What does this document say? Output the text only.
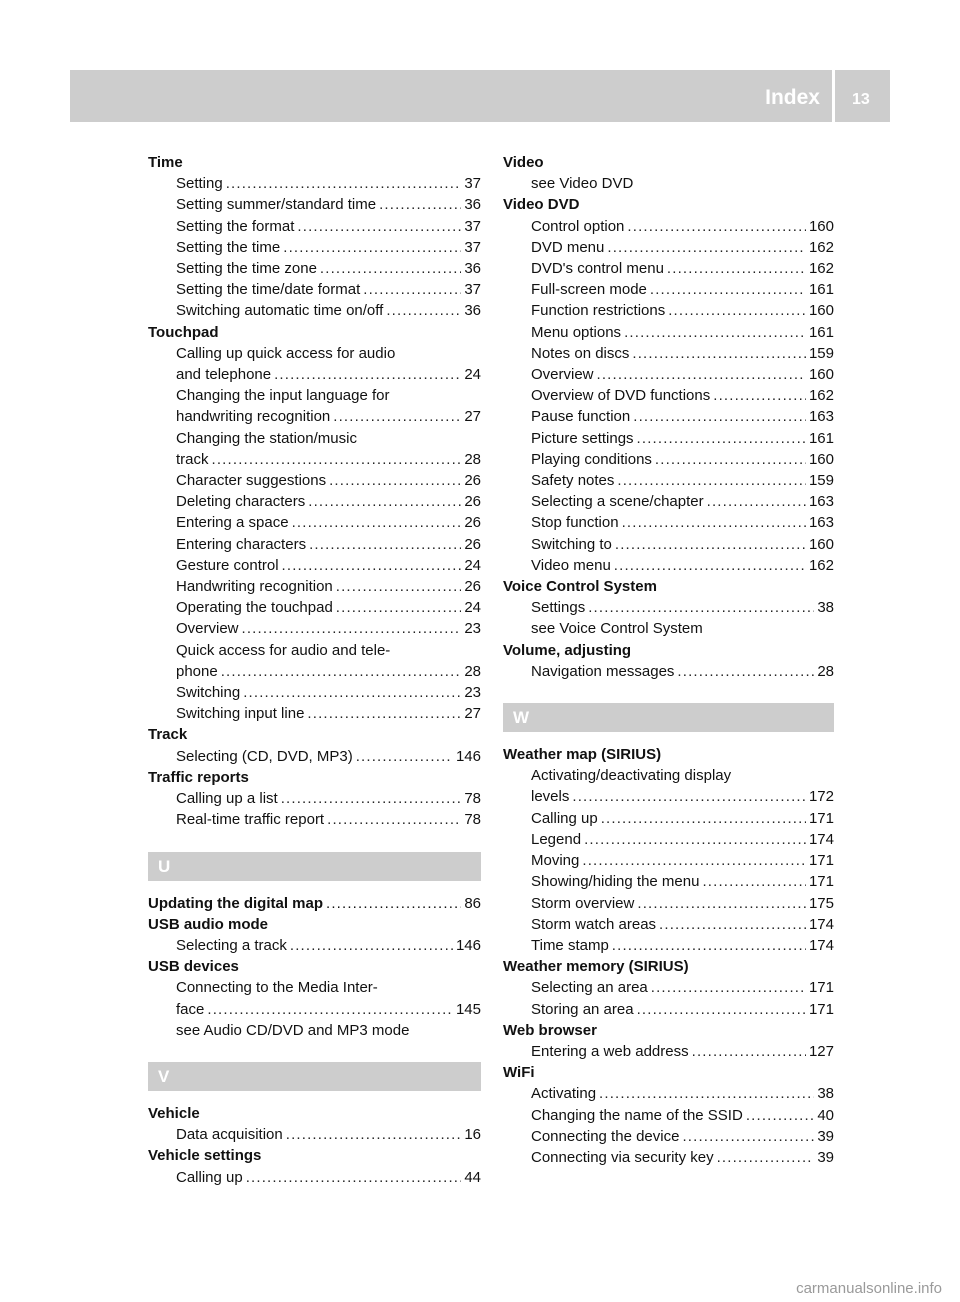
Index 13
Time
Setting . . .	37
Setting summer/standard time . . .	36
Setting the format . . .	37
Setting the time . . .	37
Setting the time zone . . .	36
Setting the time/date format . . .	37
Switching automatic time on/off . . .	36
Touchpad
Calling up quick access for audio
and telephone . . .	24
Changing the input language for
handwriting recognition . . .	27
Changing the station/music
track . . .	28
Character suggestions . . .	26
Deleting characters . . .	26
Entering a space . . .	26
Entering characters . . .	26
Gesture control . . .	24
Handwriting recognition . . .	26
Operating the touchpad . . .	24
Overview . . .	23
Quick access for audio and tele-
phone . . .	28
Switching . . .	23
Switching input line . . .	27
Track
Selecting (CD, DVD, MP3) . . .	146
Traffic reports
Calling up a list . . .	78
Real-time traffic report . . .	78
U
Updating the digital map . . .	86
USB audio mode
Selecting a track . . .	146
USB devices
Connecting to the Media Inter-
face . . .	145
see Audio CD/DVD and MP3 mode
V
Vehicle
Data acquisition . . .	16
Vehicle settings
Calling up . . .	44
Video
see Video DVD
Video DVD
Control option . . .	160
DVD menu . . .	162
DVD's control menu . . .	162
Full-screen mode . . .	161
Function restrictions . . .	160
Menu options . . .	161
Notes on discs . . .	159
Overview . . .	160
Overview of DVD functions . . .	162
Pause function . . .	163
Picture settings . . .	161
Playing conditions . . .	160
Safety notes . . .	159
Selecting a scene/chapter . . .	163
Stop function . . .	163
Switching to . . .	160
Video menu . . .	162
Voice Control System
Settings . . .	38
see Voice Control System
Volume, adjusting
Navigation messages . . .	28
W
Weather map (SIRIUS)
Activating/deactivating display
levels . . .	172
Calling up . . .	171
Legend . . .	174
Moving . . .	171
Showing/hiding the menu . . .	171
Storm overview . . .	175
Storm watch areas . . .	174
Time stamp . . .	174
Weather memory (SIRIUS)
Selecting an area . . .	171
Storing an area . . .	171
Web browser
Entering a web address . . .	127
WiFi
Activating . . .	38
Changing the name of the SSID . . .	40
Connecting the device . . .	39
Connecting via security key . . .	39
carmanualsonline.info
